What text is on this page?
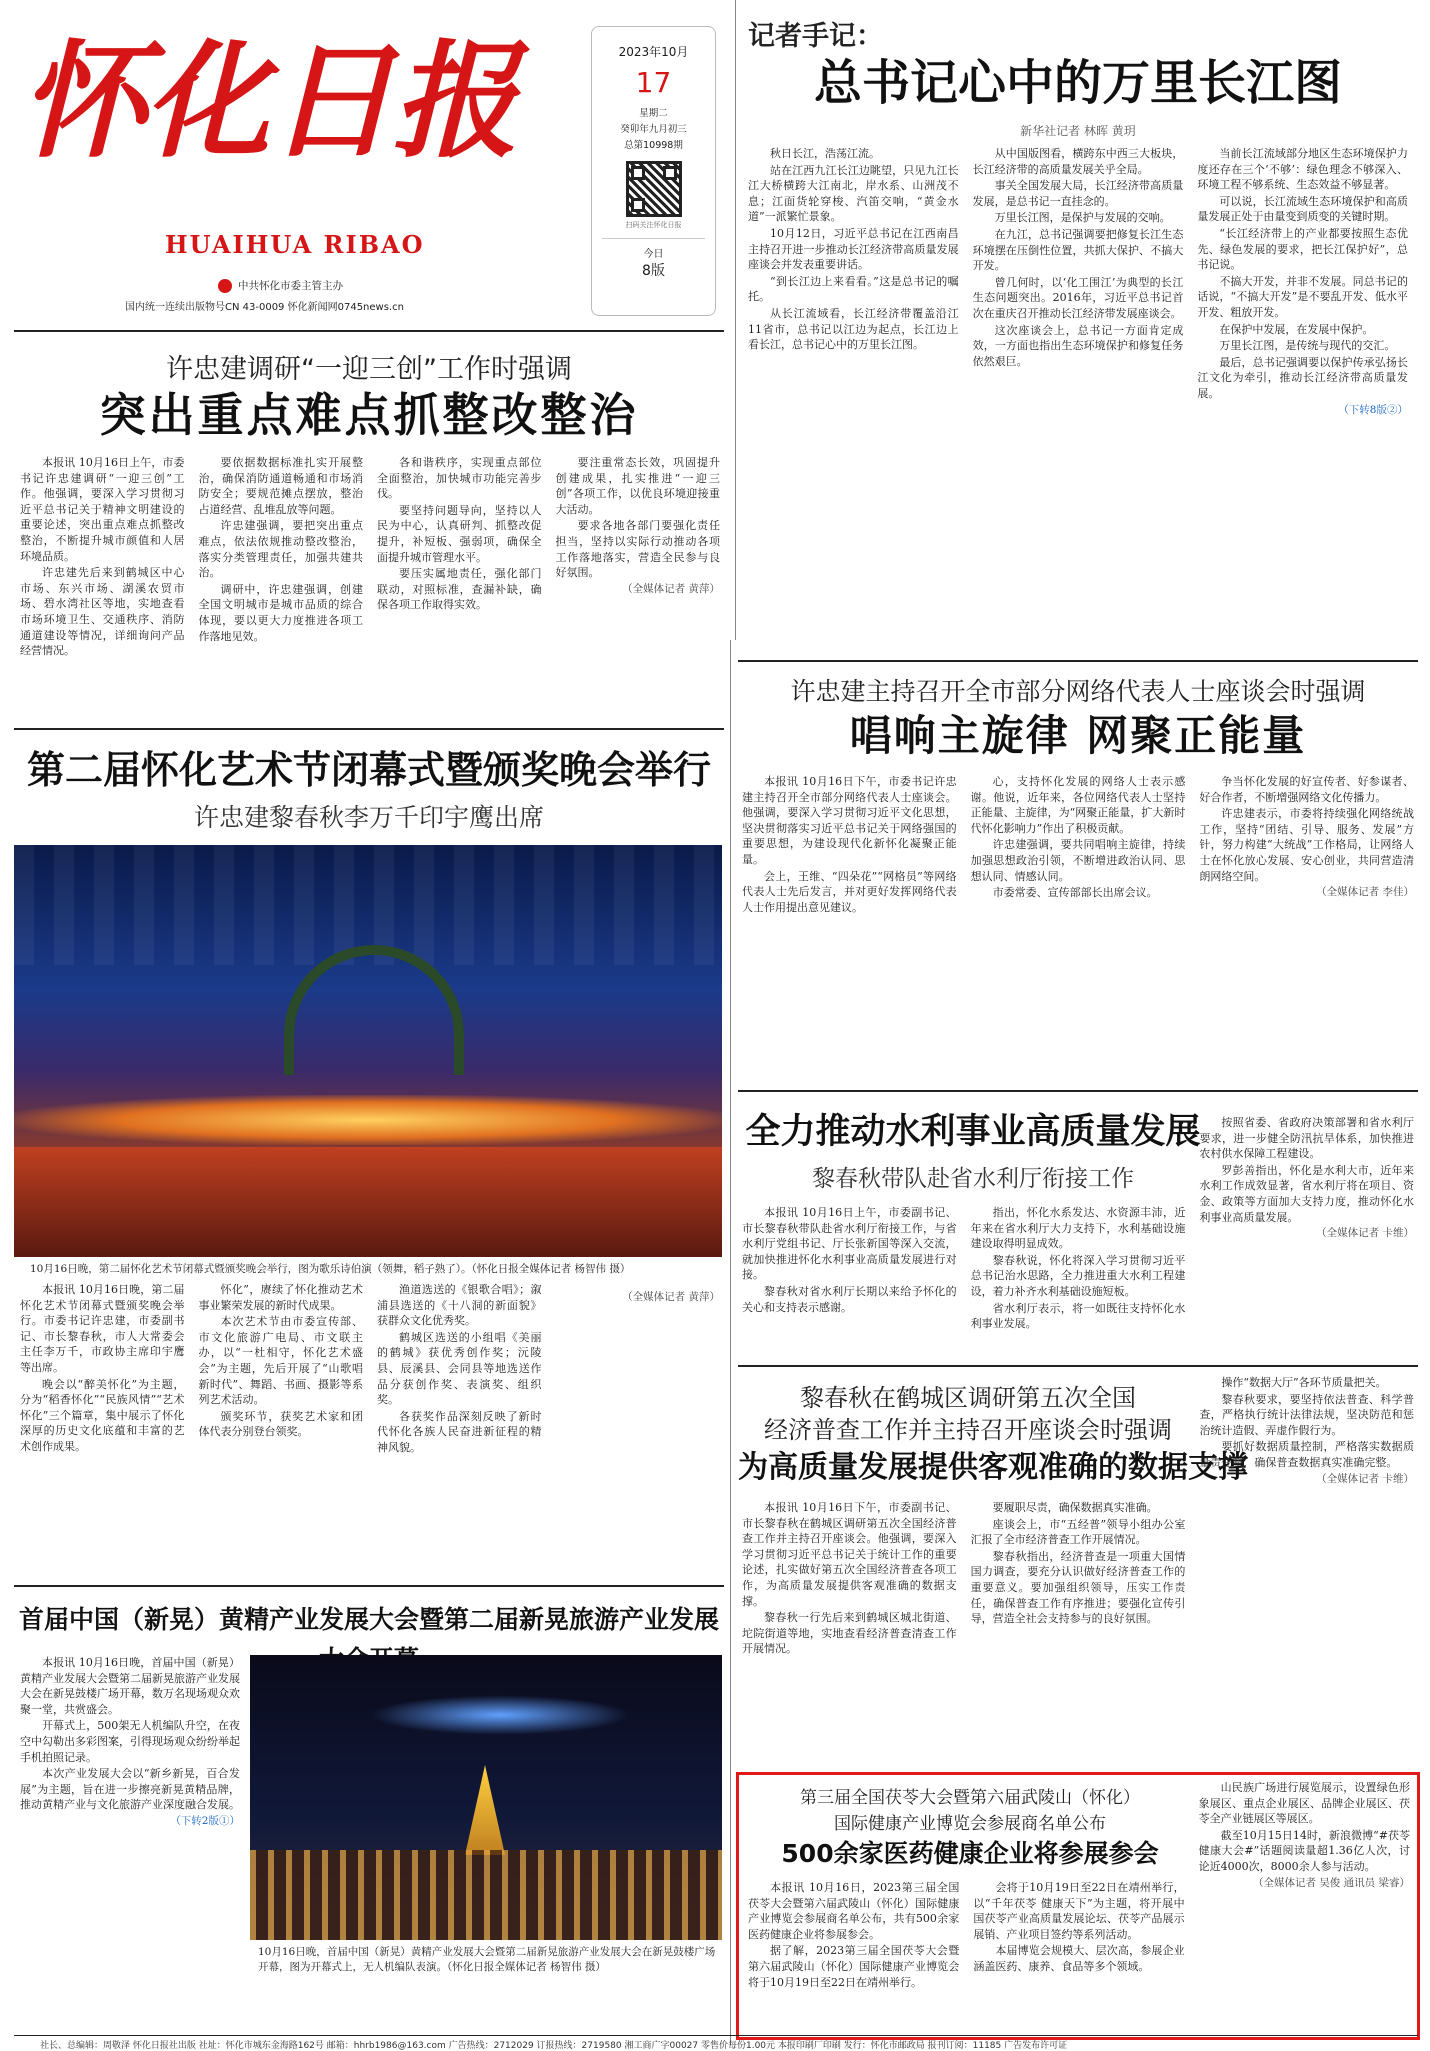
怀化日报
HUAIHUA RIBAO
中共怀化市委主管主办
国内统一连续出版物号CN 43-0009 怀化新闻网0745news.cn
2023年10月
17
星期二
癸卯年九月初三
总第10998期
扫码关注怀化日报
今日
8版
记者手记：
总书记心中的万里长江图
新华社记者 林晖 黄玥

秋日长江，浩荡江流。

站在江西九江长江边眺望，只见九江长江大桥横跨大江南北，岸水系、山洲茂不息；江面货轮穿梭、汽笛交响，“黄金水道”一派繁忙景象。

10月12日，习近平总书记在江西南昌主持召开进一步推动长江经济带高质量发展座谈会并发表重要讲话。

“到长江边上来看看。”这是总书记的嘱托。

从长江流域看，长江经济带覆盖沿江11省市，总书记以江边为起点，长江边上看长江，总书记心中的万里长江图。

从中国版图看，横跨东中西三大板块，长江经济带的高质量发展关乎全局。

事关全国发展大局，长江经济带高质量发展，是总书记一直挂念的。

万里长江图，是保护与发展的交响。

在九江，总书记强调要把修复长江生态环境摆在压倒性位置，共抓大保护、不搞大开发。

曾几何时，以‘化工围江’为典型的长江生态问题突出。2016年，习近平总书记首次在重庆召开推动长江经济带发展座谈会。

这次座谈会上，总书记一方面肯定成效，一方面也指出生态环境保护和修复任务依然艰巨。

当前长江流域部分地区生态环境保护力度还存在三个‘不够’：绿色理念不够深入、环境工程不够系统、生态效益不够显著。

可以说，长江流域生态环境保护和高质量发展正处于由量变到质变的关键时期。

“长江经济带上的产业都要按照生态优先、绿色发展的要求，把长江保护好”，总书记说。

不搞大开发，并非不发展。同总书记的话说，“不搞大开发”是不要乱开发、低水平开发、粗放开发。

在保护中发展，在发展中保护。

万里长江图，是传统与现代的交汇。

最后，总书记强调要以保护传承弘扬长江文化为牵引，推动长江经济带高质量发展。

（下转8版②）
许忠建调研“一迎三创”工作时强调
突出重点难点抓整改整治

本报讯 10月16日上午，市委书记许忠建调研“一迎三创”工作。他强调，要深入学习贯彻习近平总书记关于精神文明建设的重要论述，突出重点难点抓整改整治，不断提升城市颜值和人居环境品质。

许忠建先后来到鹤城区中心市场、东兴市场、湖溪农贸市场、碧水湾社区等地，实地查看市场环境卫生、交通秩序、消防通道建设等情况，详细询问产品经营情况。

要依据数据标准扎实开展整治，确保消防通道畅通和市场消防安全；要规范摊点摆放，整治占道经营、乱堆乱放等问题。

许忠建强调，要把突出重点难点，依法依规推动整改整治，落实分类管理责任，加强共建共治。

调研中，许忠建强调，创建全国文明城市是城市品质的综合体现，要以更大力度推进各项工作落地见效。

各和谐秩序，实现重点部位全面整治，加快城市功能完善步伐。

要坚持问题导向，坚持以人民为中心，认真研判、抓整改促提升，补短板、强弱项，确保全面提升城市管理水平。

要压实属地责任，强化部门联动，对照标准，查漏补缺，确保各项工作取得实效。

要注重常态长效，巩固提升创建成果，扎实推进“一迎三创”各项工作，以优良环境迎接重大活动。

要求各地各部门要强化责任担当，坚持以实际行动推动各项工作落地落实，营造全民参与良好氛围。

（全媒体记者 黄萍）
许忠建主持召开全市部分网络代表人士座谈会时强调
唱响主旋律 网聚正能量

本报讯 10月16日下午，市委书记许忠建主持召开全市部分网络代表人士座谈会。他强调，要深入学习贯彻习近平文化思想，坚决贯彻落实习近平总书记关于网络强国的重要思想，为建设现代化新怀化凝聚正能量。

会上，王维、“四朵花”“网格员”等网络代表人士先后发言，并对更好发挥网络代表人士作用提出意见建议。

心，支持怀化发展的网络人士表示感谢。他说，近年来，各位网络代表人士坚持正能量、主旋律，为“网聚正能量，扩大新时代怀化影响力”作出了积极贡献。

许忠建强调，要共同唱响主旋律，持续加强思想政治引领，不断增进政治认同、思想认同、情感认同。

市委常委、宣传部部长出席会议。

争当怀化发展的好宣传者、好参谋者、好合作者，不断增强网络文化传播力。

许忠建表示，市委将持续强化网络统战工作，坚持“团结、引导、服务、发展”方针，努力构建“大统战”工作格局，让网络人士在怀化放心发展、安心创业，共同营造清朗网络空间。

（全媒体记者 李佳）
第二届怀化艺术节闭幕式暨颁奖晚会举行
许忠建黎春秋李万千印宇鹰出席
10月16日晚，第二届怀化艺术节闭幕式暨颁奖晚会举行，图为歌乐诗伯演（领舞，稻子熟了）。（怀化日报全媒体记者 杨智伟 摄）

本报讯 10月16日晚，第二届怀化艺术节闭幕式暨颁奖晚会举行。市委书记许忠建，市委副书记、市长黎春秋，市人大常委会主任李万千，市政协主席印宇鹰等出席。

晚会以“醉美怀化”为主题，分为“稻香怀化”“民族风情”“艺术怀化”三个篇章，集中展示了怀化深厚的历史文化底蕴和丰富的艺术创作成果。

怀化”，赓续了怀化推动艺术事业繁荣发展的新时代成果。

本次艺术节由市委宣传部、市文化旅游广电局、市文联主办，以“一杜相守，怀化艺术盛会”为主题，先后开展了“山歌唱新时代”、舞蹈、书画、摄影等系列艺术活动。

颁奖环节，获奖艺术家和团体代表分别登台领奖。

渔道选送的《银歌合唱》；溆浦县选送的《十八洞的新面貌》获群众文化优秀奖。

鹤城区选送的小组唱《美丽的鹤城》获优秀创作奖；沅陵县、辰溪县、会同县等地选送作品分获创作奖、表演奖、组织奖。

各获奖作品深刻反映了新时代怀化各族人民奋进新征程的精神风貌。

（全媒体记者 黄萍）
全力推动水利事业高质量发展
黎春秋带队赴省水利厅衔接工作

本报讯 10月16日上午，市委副书记、市长黎春秋带队赴省水利厅衔接工作，与省水利厅党组书记、厅长张新国等深入交流，就加快推进怀化水利事业高质量发展进行对接。

黎春秋对省水利厅长期以来给予怀化的关心和支持表示感谢。

指出，怀化水系发达、水资源丰沛，近年来在省水利厅大力支持下，水利基础设施建设取得明显成效。

黎春秋说，怀化将深入学习贯彻习近平总书记治水思路，全力推进重大水利工程建设，着力补齐水利基础设施短板。

省水利厅表示，将一如既往支持怀化水利事业发展。

按照省委、省政府决策部署和省水利厅要求，进一步健全防汛抗旱体系，加快推进农村供水保障工程建设。

罗彭善指出，怀化是水利大市，近年来水利工作成效显著，省水利厅将在项目、资金、政策等方面加大支持力度，推动怀化水利事业高质量发展。

（全媒体记者 卡维）
黎春秋在鹤城区调研第五次全国
经济普查工作并主持召开座谈会时强调
为高质量发展提供客观准确的数据支撑

本报讯 10月16日下午，市委副书记、市长黎春秋在鹤城区调研第五次全国经济普查工作并主持召开座谈会。他强调，要深入学习贯彻习近平总书记关于统计工作的重要论述，扎实做好第五次全国经济普查各项工作，为高质量发展提供客观准确的数据支撑。

黎春秋一行先后来到鹤城区城北街道、坨院街道等地，实地查看经济普查清查工作开展情况。

要履职尽责，确保数据真实准确。

座谈会上，市“五经普”领导小组办公室汇报了全市经济普查工作开展情况。

黎春秋指出，经济普查是一项重大国情国力调查，要充分认识做好经济普查工作的重要意义。要加强组织领导，压实工作责任，确保普查工作有序推进；要强化宣传引导，营造全社会支持参与的良好氛围。

操作“数据大厅”各环节质量把关。

黎春秋要求，要坚持依法普查、科学普查，严格执行统计法律法规，坚决防范和惩治统计造假、弄虚作假行为。

要抓好数据质量控制，严格落实数据质量责任制，确保普查数据真实准确完整。

（全媒体记者 卡维）
首届中国（新晃）黄精产业发展大会暨第二届新晃旅游产业发展

本报讯 10月16日晚，首届中国（新晃）黄精产业发展大会暨第二届新晃旅游产业发展大会在新晃鼓楼广场开幕，数万名现场观众欢聚一堂，共赏盛会。

开幕式上，500架无人机编队升空，在夜空中勾勒出多彩图案，引得现场观众纷纷举起手机拍照记录。

本次产业发展大会以“新乡新晃，百合发展”为主题，旨在进一步擦亮新晃黄精品牌，推动黄精产业与文化旅游产业深度融合发展。

（下转2版①）
10月16日晚，首届中国（新晃）黄精产业发展大会暨第二届新晃旅游产业发展大会在新晃鼓楼广场开幕，图为开幕式上，无人机编队表演。（怀化日报全媒体记者 杨智伟 摄）
第三届全国茯苓大会暨第六届武陵山（怀化）
国际健康产业博览会参展商名单公布
500余家医药健康企业将参展参会

本报讯 10月16日，2023第三届全国茯苓大会暨第六届武陵山（怀化）国际健康产业博览会参展商名单公布，共有500余家医药健康企业将参展参会。

据了解，2023第三届全国茯苓大会暨第六届武陵山（怀化）国际健康产业博览会将于10月19日至22日在靖州举行。

会将于10月19日至22日在靖州举行，以“千年茯苓 健康天下”为主题，将开展中国茯苓产业高质量发展论坛、茯苓产品展示展销、产业项目签约等系列活动。

本届博览会规模大、层次高，参展企业涵盖医药、康养、食品等多个领域。

山民族广场进行展览展示，设置绿色形象展区、重点企业展区、品牌企业展区、茯苓全产业链展区等展区。

截至10月15日14时，新浪微博“#茯苓健康大会#”话题阅读量超1.36亿人次，讨论近4000次，8000余人参与活动。

（全媒体记者 吴俊 通讯员 梁睿）
社长、总编辑：周敬泽 怀化日报社出版 社址：怀化市城东金海路162号 邮箱：hhrb1986@163.com 广告热线：2712029 订报热线：2719580 湘工商广字00027 零售价每份1.00元 本报印刷厂印刷 发行：怀化市邮政局 报刊订阅：11185 广告发布许可证
